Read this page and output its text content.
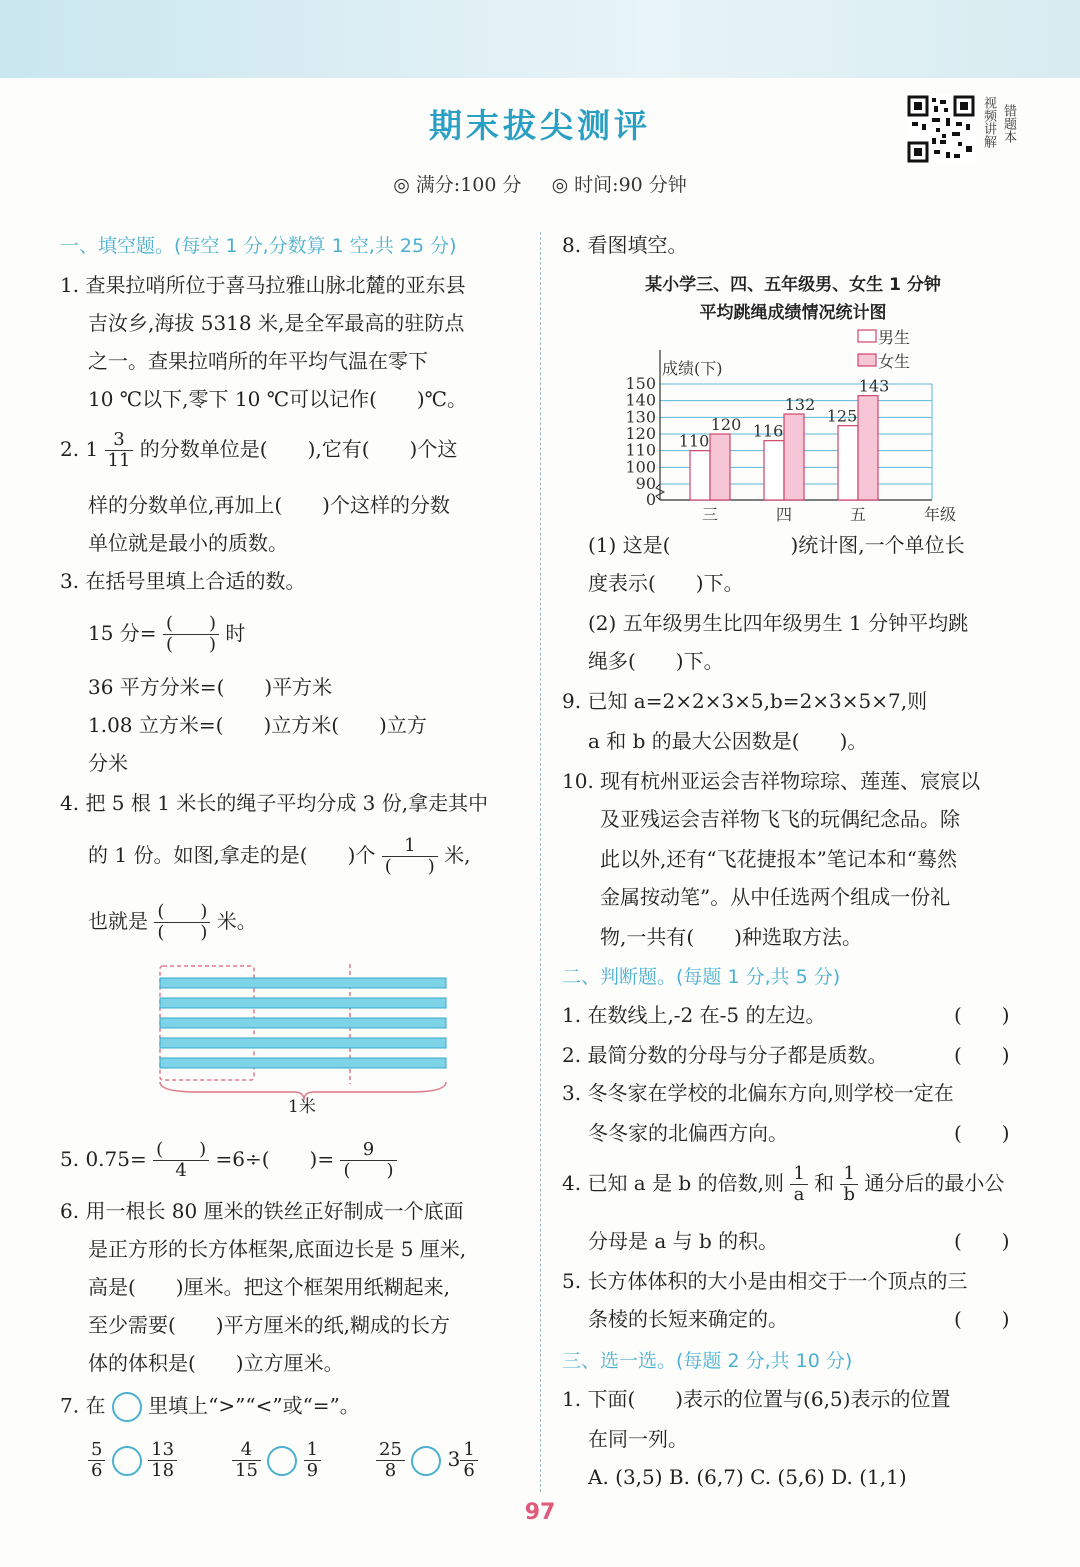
期末拔尖测评
◎ 满分:100 分 ◎ 时间:90 分钟
视频讲解 错题本
一、填空题。(每空 1 分,分数算 1 空,共 25 分)
1. 查果拉哨所位于喜马拉雅山脉北麓的亚东县
吉汝乡,海拔 5318 米,是全军最高的驻防点
之一。查果拉哨所的年平均气温在零下
10 ℃以下,零下 10 ℃可以记作(　　)℃。
2. $1 \frac{3}{11}$ 的分数单位是(　　),它有(　　)个这
样的分数单位,再加上(　　)个这样的分数
单位就是最小的质数。
3. 在括号里填上合适的数。
15 分= $\frac{( )}{( )}$ 时
36 平方分米=(　　)平方米
1.08 立方米=(　　)立方米(　　)立方
分米
4. 把 5 根 1 米长的绳子平均分成 3 份,拿走其中
的 1 份。如图,拿走的是(　　)个 $\frac{1}{( )}$ 米,
也就是 $\frac{( )}{( )}$ 米。
1米
5. $0.75= \frac{( )}{4} =6\div$(　　)= $\frac{9}{( )}$
6. 用一根长 80 厘米的铁丝正好制成一个底面
是正方形的长方体框架,底面边长是 5 厘米,
高是(　　)厘米。把这个框架用纸糊起来,
至少需要(　　)平方厘米的纸,糊成的长方
体的体积是(　　)立方厘米。
7. 在 里填上“>”“<”或“=”。
$\frac{5}{6}$
$\frac{13}{18}$	$\frac{4}{15}$
$\frac{1}{9}$	$\frac{25}{8} 3 \frac{1}{6}$
8. 看图填空。
某小学三、四、五年级男、女生 1 分钟
平均跳绳成绩情况统计图
0
90
100
110
120
130
140
150
成绩(下)
年级
110
120
三
116
132
四
125
143
五
男生
女生
(1) 这是(　　　　　　)统计图,一个单位长
度表示(　　)下。
(2) 五年级男生比四年级男生 1 分钟平均跳
绳多(　　)下。
9. 已知 a=2×2×3×5,b=2×3×5×7,则
a 和 b 的最大公因数是(　　)。
10. 现有杭州亚运会吉祥物琮琮、莲莲、宸宸以
及亚残运会吉祥物飞飞的玩偶纪念品。除
此以外,还有“飞花捷报本”笔记本和“蓦然
金属按动笔”。从中任选两个组成一份礼
物,一共有(　　)种选取方法。
二、判断题。(每题 1 分,共 5 分)
1. 在数线上,-2 在-5 的左边。	(　　)
2. 最简分数的分母与分子都是质数。	(　　)
3. 冬冬家在学校的北偏东方向,则学校一定在
冬冬家的北偏西方向。	(　　)
4. 已知 a 是 b 的倍数,则 $\frac{1}{a}$ 和 $\frac{1}{b}$ 通分后的最小公
分母是 a 与 b 的积。	(　　)
5. 长方体体积的大小是由相交于一个顶点的三
条棱的长短来确定的。	(　　)
三、选一选。(每题 2 分,共 10 分)
1. 下面(　　)表示的位置与(6,5)表示的位置
在同一列。
A. (3,5) B. (6,7) C. (5,6) D. (1,1)
97
